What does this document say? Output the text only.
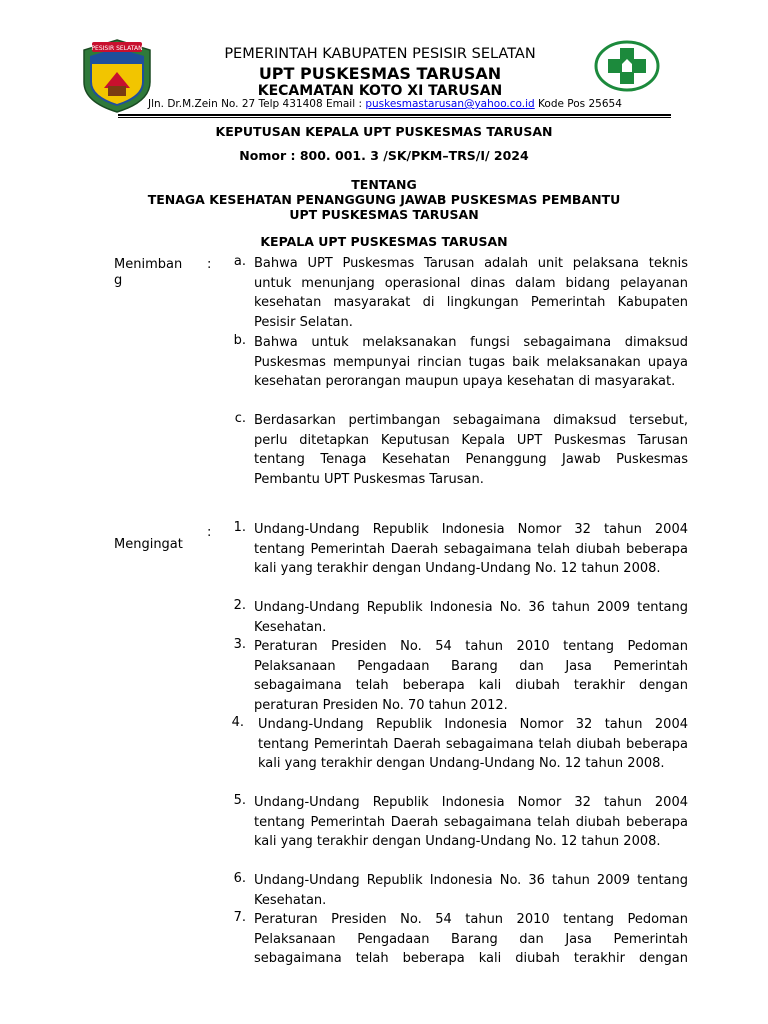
PESISIR SELATAN	PEMERINTAH KABUPATEN PESISIR SELATAN
UPT PUSKESMAS TARUSAN
KECAMATAN KOTO XI TARUSAN
Jln. Dr.M.Zein No. 27 Telp 431408 Email : puskesmastarusan@yahoo.co.id Kode Pos 25654
KEPUTUSAN KEPALA UPT PUSKESMAS TARUSAN
Nomor : 800. 001. 3 /SK/PKM–TRS/I/ 2024
TENTANG
TENAGA KESEHATAN PENANGGUNG JAWAB PUSKESMAS PEMBANTU
UPT PUSKESMAS TARUSAN
KEPALA UPT PUSKESMAS TARUSAN
Menimban
g
:	a. Bahwa UPT Puskesmas Tarusan adalah unit pelaksana teknis untuk menunjang operasional dinas dalam bidang pelayanan kesehatan masyarakat di lingkungan Pemerintah Kabupaten Pesisir Selatan.
b. Bahwa untuk melaksanakan fungsi sebagaimana dimaksud Puskesmas mempunyai rincian tugas baik melaksanakan upaya kesehatan perorangan maupun upaya kesehatan di masyarakat.
c. Berdasarkan pertimbangan sebagaimana dimaksud tersebut, perlu ditetapkan Keputusan Kepala UPT Puskesmas Tarusan tentang Tenaga Kesehatan Penanggung Jawab Puskesmas Pembantu UPT Puskesmas Tarusan.
:
Mengingat
1. Undang-Undang Republik Indonesia Nomor 32 tahun 2004 tentang Pemerintah Daerah sebagaimana telah diubah beberapa kali yang terakhir dengan Undang-Undang No. 12 tahun 2008.
2. Undang-Undang Republik Indonesia No. 36 tahun 2009 tentang Kesehatan.
3. Peraturan Presiden No. 54 tahun 2010 tentang Pedoman Pelaksanaan Pengadaan Barang dan Jasa Pemerintah sebagaimana telah beberapa kali diubah terakhir dengan peraturan Presiden No. 70 tahun 2012.
4. Undang-Undang Republik Indonesia Nomor 32 tahun 2004 tentang Pemerintah Daerah sebagaimana telah diubah beberapa kali yang terakhir dengan Undang-Undang No. 12 tahun 2008.
5. Undang-Undang Republik Indonesia Nomor 32 tahun 2004 tentang Pemerintah Daerah sebagaimana telah diubah beberapa kali yang terakhir dengan Undang-Undang No. 12 tahun 2008.
6. Undang-Undang Republik Indonesia No. 36 tahun 2009 tentang Kesehatan.
7. Peraturan Presiden No. 54 tahun 2010 tentang Pedoman Pelaksanaan Pengadaan Barang dan Jasa Pemerintah sebagaimana telah beberapa kali diubah terakhir dengan
